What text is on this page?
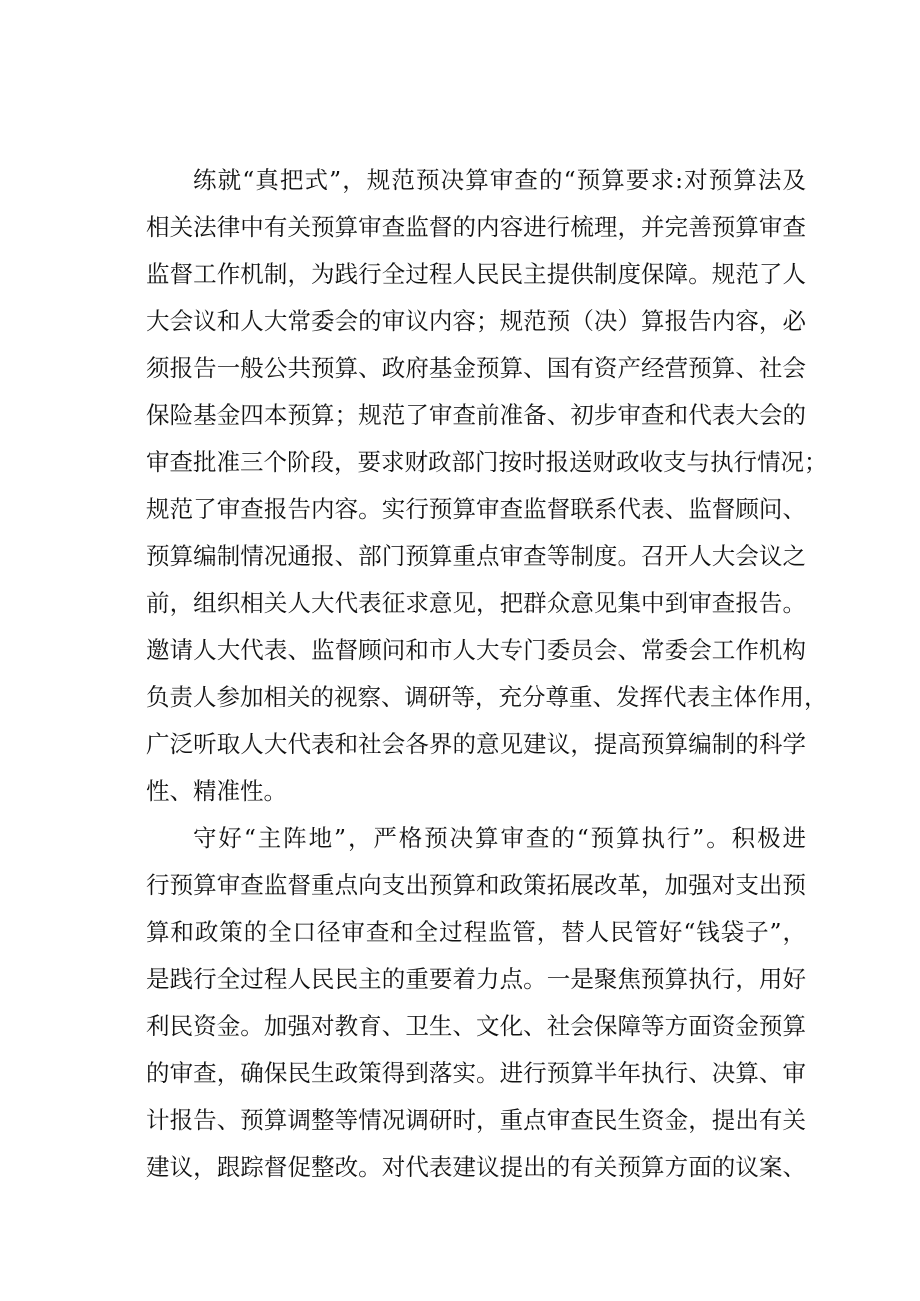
练就“真把式”，规范预决算审查的“预算要求:对预算法及
相关法律中有关预算审查监督的内容进行梳理，并完善预算审查
监督工作机制，为践行全过程人民民主提供制度保障。规范了人
大会议和人大常委会的审议内容；规范预（决）算报告内容，必
须报告一般公共预算、政府基金预算、国有资产经营预算、社会
保险基金四本预算；规范了审查前准备、初步审查和代表大会的
审查批准三个阶段，要求财政部门按时报送财政收支与执行情况；
规范了审查报告内容。实行预算审查监督联系代表、监督顾问、
预算编制情况通报、部门预算重点审查等制度。召开人大会议之
前，组织相关人大代表征求意见，把群众意见集中到审查报告。
邀请人大代表、监督顾问和市人大专门委员会、常委会工作机构
负责人参加相关的视察、调研等，充分尊重、发挥代表主体作用，
广泛听取人大代表和社会各界的意见建议，提高预算编制的科学
性、精准性。
守好“主阵地”，严格预决算审查的“预算执行”。积极进
行预算审查监督重点向支出预算和政策拓展改革，加强对支出预
算和政策的全口径审查和全过程监管，替人民管好“钱袋子”，
是践行全过程人民民主的重要着力点。一是聚焦预算执行，用好
利民资金。加强对教育、卫生、文化、社会保障等方面资金预算
的审查，确保民生政策得到落实。进行预算半年执行、决算、审
计报告、预算调整等情况调研时，重点审查民生资金，提出有关
建议，跟踪督促整改。对代表建议提出的有关预算方面的议案、
